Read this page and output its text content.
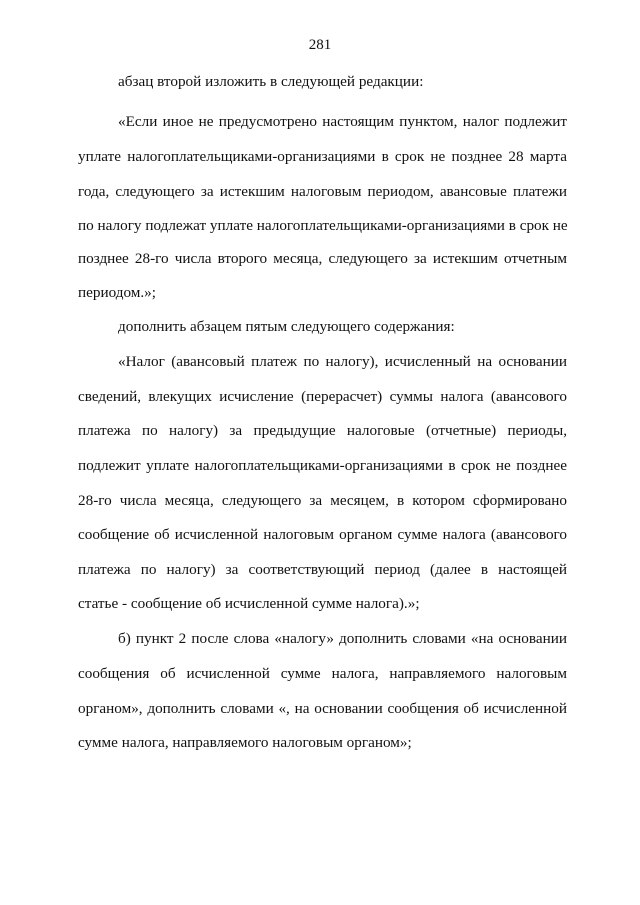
281
абзац второй изложить в следующей редакции:
«Если иное не предусмотрено настоящим пунктом, налог подлежит
уплате налогоплательщиками-организациями в срок не позднее 28 марта
года, следующего за истекшим налоговым периодом, авансовые платежи
по налогу подлежат уплате налогоплательщиками-организациями в срок не
позднее 28-го числа второго месяца, следующего за истекшим отчетным
периодом.»;
дополнить абзацем пятым следующего содержания:
«Налог (авансовый платеж по налогу), исчисленный на основании
сведений, влекущих исчисление (перерасчет) суммы налога (авансового
платежа по налогу) за предыдущие налоговые (отчетные) периоды,
подлежит уплате налогоплательщиками-организациями в срок не позднее
28-го числа месяца, следующего за месяцем, в котором сформировано
сообщение об исчисленной налоговым органом сумме налога (авансового
платежа по налогу) за соответствующий период (далее в настоящей
статье - сообщение об исчисленной сумме налога).»;
б) пункт 2 после слова «налогу» дополнить словами «на основании
сообщения об исчисленной сумме налога, направляемого налоговым
органом», дополнить словами «, на основании сообщения об исчисленной
сумме налога, направляемого налоговым органом»;
